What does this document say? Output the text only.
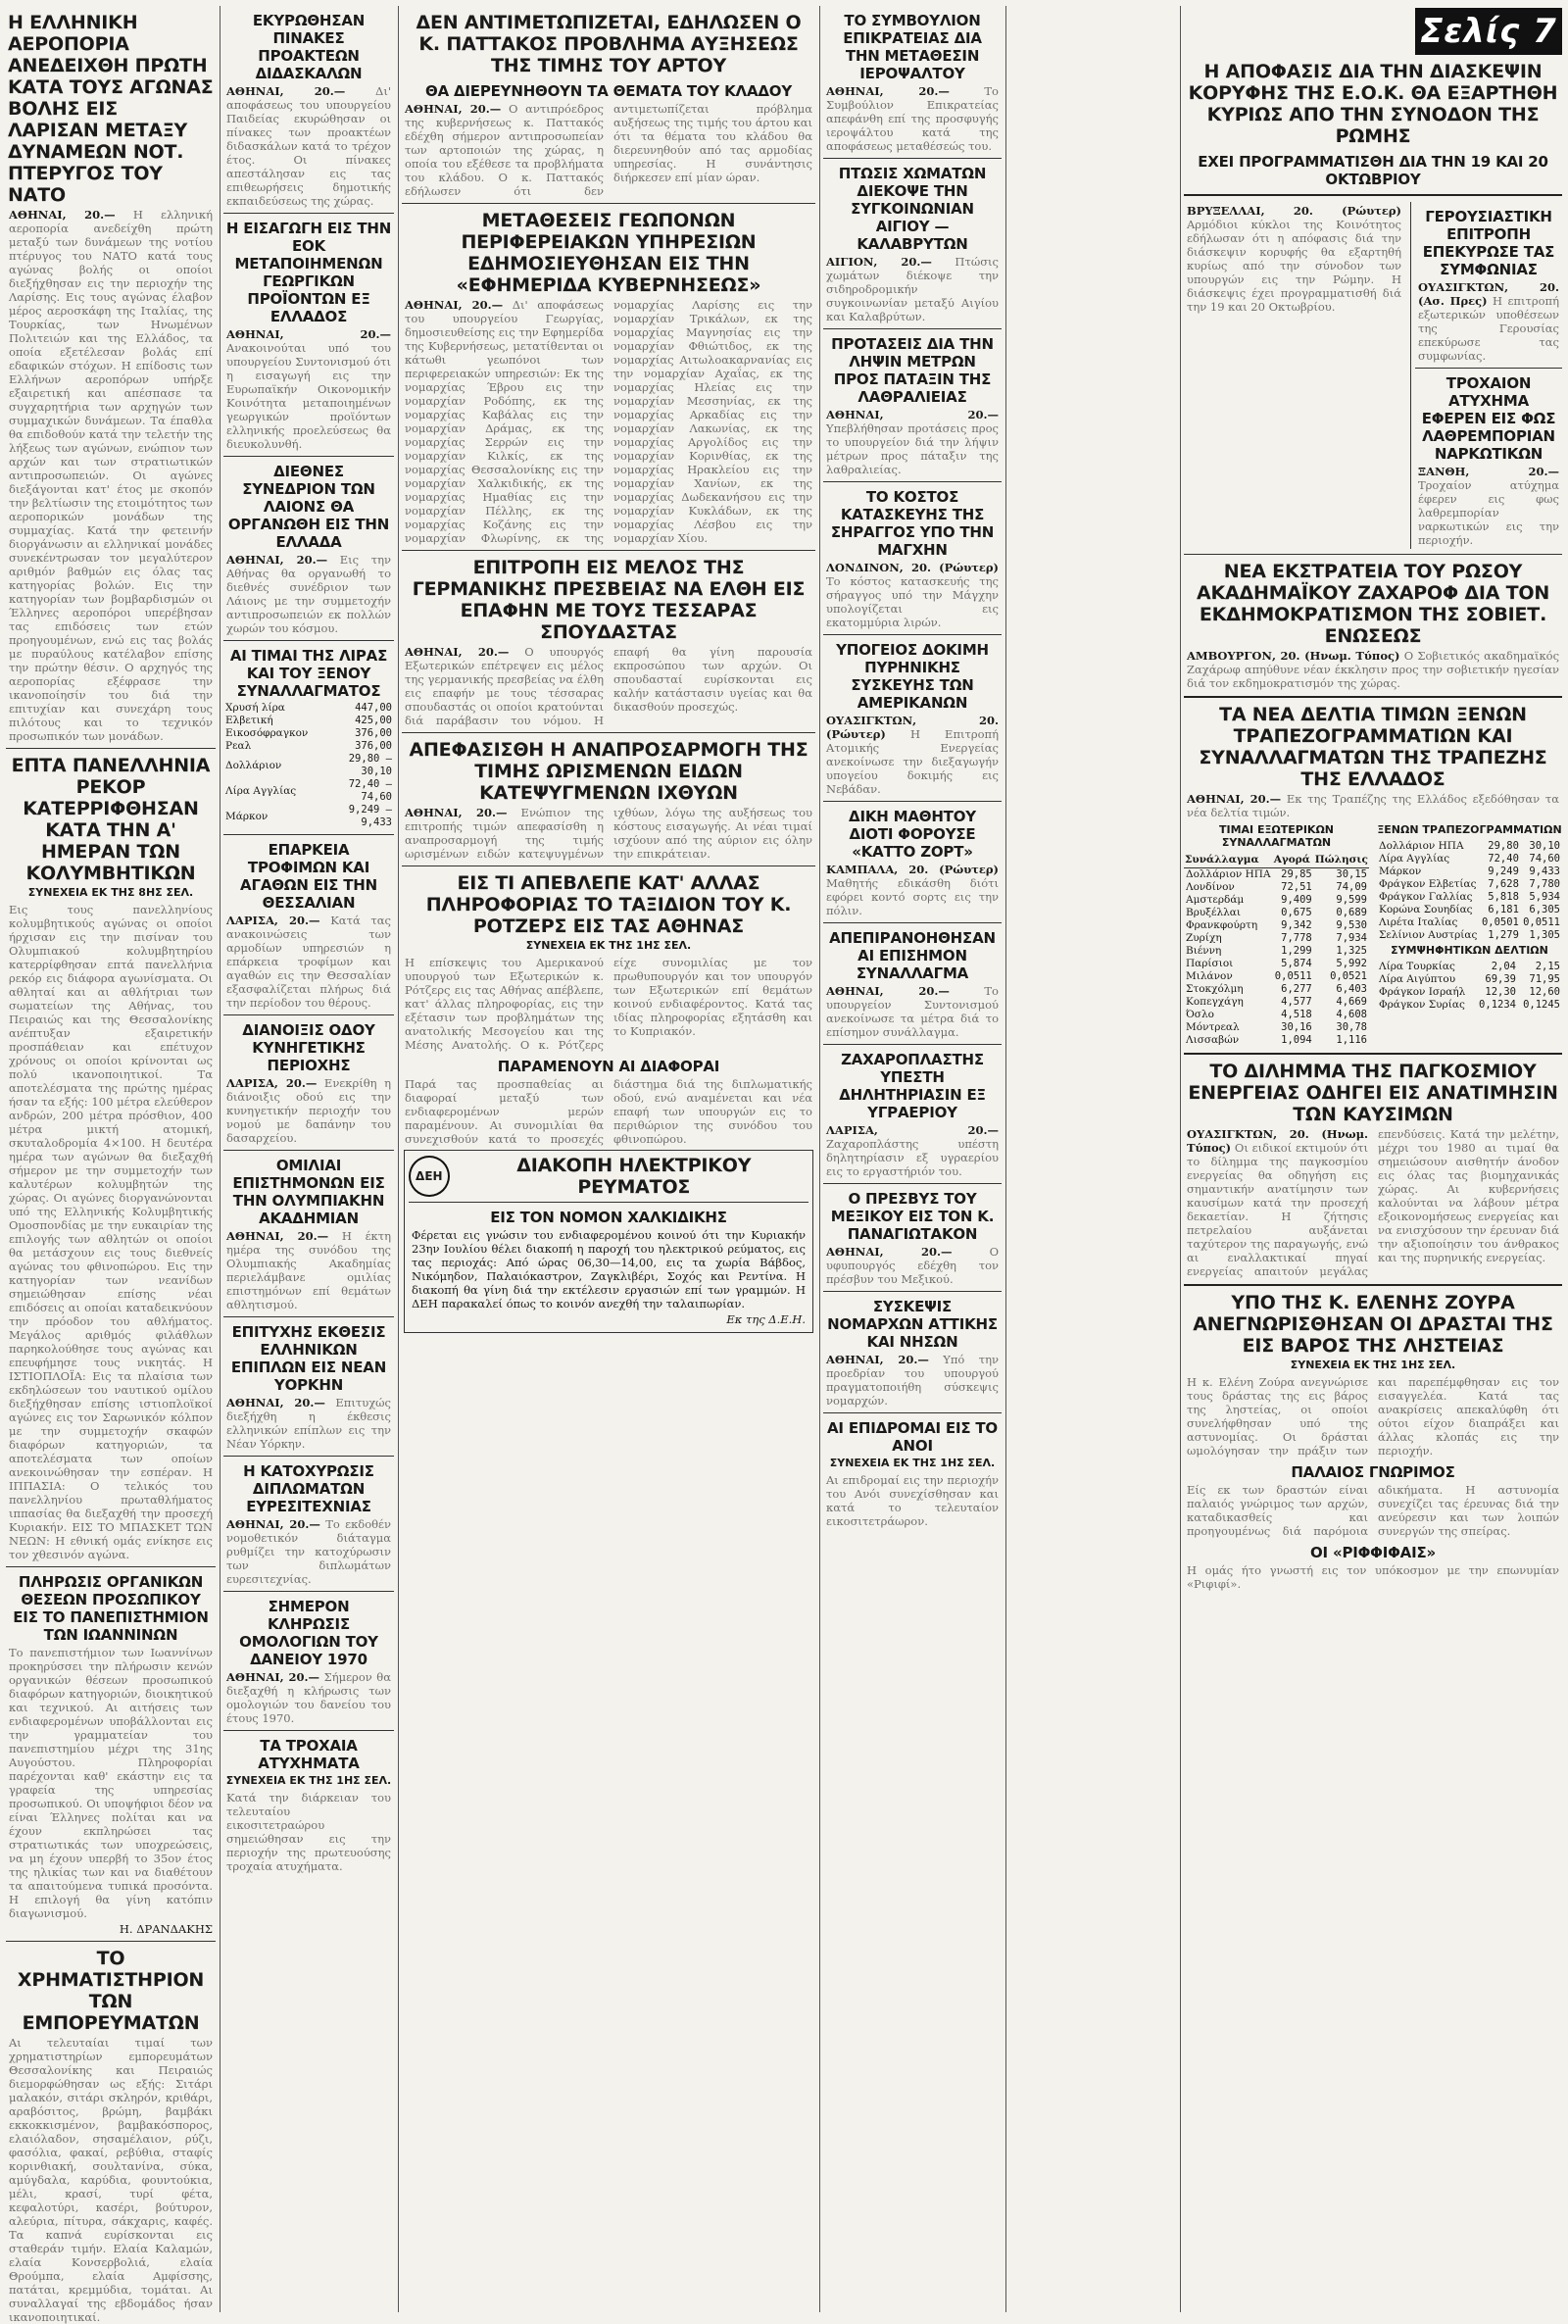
Η ΕΛΛΗΝΙΚΗ ΑΕΡΟΠΟΡΙΑ ΑΝΕΔΕΙΧΘΗ ΠΡΩΤΗ ΚΑΤΑ ΤΟΥΣ ΑΓΩΝΑΣ ΒΟΛΗΣ ΕΙΣ ΛΑΡΙΣΑΝ ΜΕΤΑΞΥ ΔΥΝΑΜΕΩΝ ΝΟΤ. ΠΤΕΡΥΓΟΣ ΤΟΥ ΝΑΤΟ
ΑΘΗΝΑΙ, 20.— Η ελληνική αεροπορία ανεδείχθη πρώτη μεταξύ των δυνάμεων της νοτίου πτέρυγος του ΝΑΤΟ κατά τους αγώνας βολής οι οποίοι διεξήχθησαν εις την περιοχήν της Λαρίσης. Εις τους αγώνας έλαβον μέρος αεροσκάφη της Ιταλίας, της Τουρκίας, των Ηνωμένων Πολιτειών και της Ελλάδος, τα οποία εξετέλεσαν βολάς επί εδαφικών στόχων. Η επίδοσις των Ελλήνων αεροπόρων υπήρξε εξαιρετική και απέσπασε τα συγχαρητήρια των αρχηγών των συμμαχικών δυνάμεων. Τα έπαθλα θα επιδοθούν κατά την τελετήν της λήξεως των αγώνων, ενώπιον των αρχών και των στρατιωτικών αντιπροσωπειών. Οι αγώνες διεξάγονται κατ' έτος με σκοπόν την βελτίωσιν της ετοιμότητος των αεροπορικών μονάδων της συμμαχίας. Κατά την φετεινήν διοργάνωσιν αι ελληνικαί μονάδες συνεκέντρωσαν τον μεγαλύτερον αριθμόν βαθμών εις όλας τας κατηγορίας βολών. Εις την κατηγορίαν των βομβαρδισμών οι Έλληνες αεροπόροι υπερέβησαν τας επιδόσεις των ετών προηγουμένων, ενώ εις τας βολάς με πυραύλους κατέλαβον επίσης την πρώτην θέσιν. Ο αρχηγός της αεροπορίας εξέφρασε την ικανοποίησίν του διά την επιτυχίαν και συνεχάρη τους πιλότους και το τεχνικόν προσωπικόν των μονάδων.
ΕΠΤΑ ΠΑΝΕΛΛΗΝΙΑ ΡΕΚΟΡ ΚΑΤΕΡΡΙΦΘΗΣΑΝ ΚΑΤΑ ΤΗΝ Α' ΗΜΕΡΑΝ ΤΩΝ ΚΟΛΥΜΒΗΤΙΚΩΝ
ΣΥΝΕΧΕΙΑ ΕΚ ΤΗΣ 8ΗΣ ΣΕΛ.
Εις τους πανελληνίους κολυμβητικούς αγώνας οι οποίοι ήρχισαν εις την πισίναν του Ολυμπιακού κολυμβητηρίου κατερρίφθησαν επτά πανελλήνια ρεκόρ εις διάφορα αγωνίσματα. Οι αθληταί και αι αθλήτριαι των σωματείων της Αθήνας, του Πειραιώς και της Θεσσαλονίκης ανέπτυξαν εξαιρετικήν προσπάθειαν και επέτυχον χρόνους οι οποίοι κρίνονται ως πολύ ικανοποιητικοί. Τα αποτελέσματα της πρώτης ημέρας ήσαν τα εξής: 100 μέτρα ελεύθερον ανδρών, 200 μέτρα πρόσθιον, 400 μέτρα μικτή ατομική, σκυταλοδρομία 4×100. Η δευτέρα ημέρα των αγώνων θα διεξαχθή σήμερον με την συμμετοχήν των καλυτέρων κολυμβητών της χώρας. Οι αγώνες διοργανώνονται υπό της Ελληνικής Κολυμβητικής Ομοσπονδίας με την ευκαιρίαν της επιλογής των αθλητών οι οποίοι θα μετάσχουν εις τους διεθνείς αγώνας του φθινοπώρου. Εις την κατηγορίαν των νεανίδων σημειώθησαν επίσης νέαι επιδόσεις αι οποίαι καταδεικνύουν την πρόοδον του αθλήματος. Μεγάλος αριθμός φιλάθλων παρηκολούθησε τους αγώνας και επευφήμησε τους νικητάς. Η ΙΣΤΙΟΠΛΟΪΑ: Εις τα πλαίσια των εκδηλώσεων του ναυτικού ομίλου διεξήχθησαν επίσης ιστιοπλοϊκοί αγώνες εις τον Σαρωνικόν κόλπον με την συμμετοχήν σκαφών διαφόρων κατηγοριών, τα αποτελέσματα των οποίων ανεκοινώθησαν την εσπέραν. Η ΙΠΠΑΣΙΑ: Ο τελικός του πανελληνίου πρωταθλήματος ιππασίας θα διεξαχθή την προσεχή Κυριακήν. ΕΙΣ ΤΟ ΜΠΑΣΚΕΤ ΤΩΝ ΝΕΩΝ: Η εθνική ομάς ενίκησε εις τον χθεσινόν αγώνα.
ΠΛΗΡΩΣΙΣ ΟΡΓΑΝΙΚΩΝ ΘΕΣΕΩΝ ΠΡΟΣΩΠΙΚΟΥ ΕΙΣ ΤΟ ΠΑΝΕΠΙΣΤΗΜΙΟΝ ΤΩΝ ΙΩΑΝΝΙΝΩΝ
Το πανεπιστήμιον των Ιωαννίνων προκηρύσσει την πλήρωσιν κενών οργανικών θέσεων προσωπικού διαφόρων κατηγοριών, διοικητικού και τεχνικού. Αι αιτήσεις των ενδιαφερομένων υποβάλλονται εις την γραμματείαν του πανεπιστημίου μέχρι της 31ης Αυγούστου. Πληροφορίαι παρέχονται καθ' εκάστην εις τα γραφεία της υπηρεσίας προσωπικού. Οι υποψήφιοι δέον να είναι Έλληνες πολίται και να έχουν εκπληρώσει τας στρατιωτικάς των υποχρεώσεις, να μη έχουν υπερβή το 35ον έτος της ηλικίας των και να διαθέτουν τα απαιτούμενα τυπικά προσόντα. Η επιλογή θα γίνη κατόπιν διαγωνισμού.
Η. ΔΡΑΝΔΑΚΗΣ
ΤΟ ΧΡΗΜΑΤΙΣΤΗΡΙΟΝ ΤΩΝ ΕΜΠΟΡΕΥΜΑΤΩΝ
Αι τελευταίαι τιμαί των χρηματιστηρίων εμπορευμάτων Θεσσαλονίκης και Πειραιώς διεμορφώθησαν ως εξής: Σιτάρι μαλακόν, σιτάρι σκληρόν, κριθάρι, αραβόσιτος, βρώμη, βαμβάκι εκκοκκισμένον, βαμβακόσπορος, ελαιόλαδον, σησαμέλαιον, ρύζι, φασόλια, φακαί, ρεβύθια, σταφίς κορινθιακή, σουλτανίνα, σύκα, αμύγδαλα, καρύδια, φουντούκια, μέλι, κρασί, τυρί φέτα, κεφαλοτύρι, κασέρι, βούτυρον, αλεύρια, πίτυρα, σάκχαρις, καφές. Τα καπνά ευρίσκονται εις σταθεράν τιμήν. Ελαία Καλαμών, ελαία Κονσερβολιά, ελαία Θρούμπα, ελαία Αμφίσσης, πατάται, κρεμμύδια, τομάται. Αι συναλλαγαί της εβδομάδος ήσαν ικανοποιητικαί.
ΕΚΥΡΩΘΗΣΑΝ ΠΙΝΑΚΕΣ ΠΡΟΑΚΤΕΩΝ ΔΙΔΑΣΚΑΛΩΝ
ΑΘΗΝΑΙ, 20.—	Δι' αποφάσεως του υπουργείου Παιδείας εκυρώθησαν οι πίνακες των προακτέων διδασκάλων κατά το τρέχον έτος. Οι πίνακες απεστάλησαν εις τας επιθεωρήσεις δημοτικής εκπαιδεύσεως της χώρας.
Η ΕΙΣΑΓΩΓΗ ΕΙΣ ΤΗΝ ΕΟΚ ΜΕΤΑΠΟΙΗΜΕΝΩΝ ΓΕΩΡΓΙΚΩΝ ΠΡΟΪΟΝΤΩΝ ΕΞ ΕΛΛΑΔΟΣ
ΑΘΗΝΑΙ, 20.— Ανακοινούται υπό του υπουργείου Συντονισμού ότι η εισαγωγή εις την Ευρωπαϊκήν Οικονομικήν Κοινότητα μεταποιημένων γεωργικών προϊόντων ελληνικής προελεύσεως θα διευκολυνθή.
ΔΙΕΘΝΕΣ ΣΥΝΕΔΡΙΟΝ ΤΩΝ ΛΑΙΟΝΣ ΘΑ ΟΡΓΑΝΩΘΗ ΕΙΣ ΤΗΝ ΕΛΛΑΔΑ
ΑΘΗΝΑΙ, 20.— Εις την Αθήνας θα οργανωθή το διεθνές συνέδριον των Λάιονς με την συμμετοχήν αντιπροσωπειών εκ πολλών χωρών του κόσμου.
ΑΙ ΤΙΜΑΙ ΤΗΣ ΛΙΡΑΣ ΚΑΙ ΤΟΥ ΞΕΝΟΥ ΣΥΝΑΛΛΑΓΜΑΤΟΣ
Χρυσή λίρα	447,00
Ελβετική	425,00
Εικοσόφραγκον	376,00
Ρεαλ	376,00
Δολλάριον	29,80 — 30,10
Λίρα Αγγλίας	72,40 — 74,60
Μάρκον	9,249 — 9,433
ΕΠΑΡΚΕΙΑ ΤΡΟΦΙΜΩΝ ΚΑΙ ΑΓΑΘΩΝ ΕΙΣ ΤΗΝ ΘΕΣΣΑΛΙΑΝ
ΛΑΡΙΣΑ, 20.— Κατά τας ανακοινώσεις των αρμοδίων υπηρεσιών η επάρκεια τροφίμων και αγαθών εις την Θεσσαλίαν εξασφαλίζεται πλήρως διά την περίοδον του θέρους.
ΔΙΑΝΟΙΞΙΣ ΟΔΟΥ ΚΥΝΗΓΕΤΙΚΗΣ ΠΕΡΙΟΧΗΣ
ΛΑΡΙΣΑ, 20.— Ενεκρίθη η διάνοιξις οδού εις την κυνηγετικήν περιοχήν του νομού με δαπάνην του δασαρχείου.
ΟΜΙΛΙΑΙ ΕΠΙΣΤΗΜΟΝΩΝ ΕΙΣ ΤΗΝ ΟΛΥΜΠΙΑΚΗΝ ΑΚΑΔΗΜΙΑΝ
ΑΘΗΝΑΙ, 20.— Η έκτη ημέρα της συνόδου της Ολυμπιακής Ακαδημίας περιελάμβανε ομιλίας επιστημόνων επί θεμάτων αθλητισμού.
ΕΠΙΤΥΧΗΣ ΕΚΘΕΣΙΣ ΕΛΛΗΝΙΚΩΝ ΕΠΙΠΛΩΝ ΕΙΣ ΝΕΑΝ ΥΟΡΚΗΝ
ΑΘΗΝΑΙ, 20.— Επιτυχώς διεξήχθη η έκθεσις ελληνικών επίπλων εις την Νέαν Υόρκην.
Η ΚΑΤΟΧΥΡΩΣΙΣ ΔΙΠΛΩΜΑΤΩΝ ΕΥΡΕΣΙΤΕΧΝΙΑΣ
ΑΘΗΝΑΙ, 20.— Το εκδοθέν νομοθετικόν διάταγμα ρυθμίζει την κατοχύρωσιν των διπλωμάτων ευρεσιτεχνίας.
ΣΗΜΕΡΟΝ ΚΛΗΡΩΣΙΣ ΟΜΟΛΟΓΙΩΝ ΤΟΥ ΔΑΝΕΙΟΥ 1970
ΑΘΗΝΑΙ, 20.— Σήμερον θα διεξαχθή η κλήρωσις των ομολογιών του δανείου του έτους 1970.
ΤΑ ΤΡΟΧΑΙΑ ΑΤΥΧΗΜΑΤΑ
ΣΥΝΕΧΕΙΑ ΕΚ ΤΗΣ 1ΗΣ ΣΕΛ.
Κατά την διάρκειαν του τελευταίου εικοσιτετραώρου σημειώθησαν εις την περιοχήν της πρωτευούσης τροχαία ατυχήματα.
ΔΕΝ ΑΝΤΙΜΕΤΩΠΙΖΕΤΑΙ, ΕΔΗΛΩΣΕΝ Ο Κ. ΠΑΤΤΑΚΟΣ ΠΡΟΒΛΗΜΑ ΑΥΞΗΣΕΩΣ ΤΗΣ ΤΙΜΗΣ ΤΟΥ ΑΡΤΟΥ
ΘΑ ΔΙΕΡΕΥΝΗΘΟΥΝ ΤΑ ΘΕΜΑΤΑ ΤΟΥ ΚΛΑΔΟΥ
ΑΘΗΝΑΙ, 20.— Ο αντιπρόεδρος της κυβερνήσεως κ. Παττακός εδέχθη σήμερον αντιπροσωπείαν των αρτοποιών της χώρας, η οποία του εξέθεσε τα προβλήματα του κλάδου. Ο κ. Παττακός εδήλωσεν ότι δεν αντιμετωπίζεται πρόβλημα αυξήσεως της τιμής του άρτου και ότι τα θέματα του κλάδου θα διερευνηθούν από τας αρμοδίας υπηρεσίας. Η συνάντησις διήρκεσεν επί μίαν ώραν.
ΜΕΤΑΘΕΣΕΙΣ ΓΕΩΠΟΝΩΝ ΠΕΡΙΦΕΡΕΙΑΚΩΝ ΥΠΗΡΕΣΙΩΝ ΕΔΗΜΟΣΙΕΥΘΗΣΑΝ ΕΙΣ ΤΗΝ «ΕΦΗΜΕΡΙΔΑ ΚΥΒΕΡΝΗΣΕΩΣ»
ΑΘΗΝΑΙ, 20.— Δι' αποφάσεως του υπουργείου Γεωργίας, δημοσιευθείσης εις την Εφημερίδα της Κυβερνήσεως, μετατίθενται οι κάτωθι γεωπόνοι των περιφερειακών υπηρεσιών: Εκ της νομαρχίας Έβρου εις την νομαρχίαν Ροδόπης, εκ της νομαρχίας Καβάλας εις την νομαρχίαν Δράμας, εκ της νομαρχίας Σερρών εις την νομαρχίαν Κιλκίς, εκ της νομαρχίας Θεσσαλονίκης εις την νομαρχίαν Χαλκιδικής, εκ της νομαρχίας Ημαθίας εις την νομαρχίαν Πέλλης, εκ της νομαρχίας Κοζάνης εις την νομαρχίαν Φλωρίνης, εκ της νομαρχίας Λαρίσης εις την νομαρχίαν Τρικάλων, εκ της νομαρχίας Μαγνησίας εις την νομαρχίαν Φθιώτιδος, εκ της νομαρχίας Αιτωλοακαρνανίας εις την νομαρχίαν Αχαΐας, εκ της νομαρχίας Ηλείας εις την νομαρχίαν Μεσσηνίας, εκ της νομαρχίας Αρκαδίας εις την νομαρχίαν Λακωνίας, εκ της νομαρχίας Αργολίδος εις την νομαρχίαν Κορινθίας, εκ της νομαρχίας Ηρακλείου εις την νομαρχίαν Χανίων, εκ της νομαρχίας Δωδεκανήσου εις την νομαρχίαν Κυκλάδων, εκ της νομαρχίας Λέσβου εις την νομαρχίαν Χίου.
ΕΠΙΤΡΟΠΗ ΕΙΣ ΜΕΛΟΣ ΤΗΣ ΓΕΡΜΑΝΙΚΗΣ ΠΡΕΣΒΕΙΑΣ ΝΑ ΕΛΘΗ ΕΙΣ ΕΠΑΦΗΝ ΜΕ ΤΟΥΣ ΤΕΣΣΑΡΑΣ ΣΠΟΥΔΑΣΤΑΣ
ΑΘΗΝΑΙ, 20.— Ο υπουργός Εξωτερικών επέτρεψεν εις μέλος της γερμανικής πρεσβείας να έλθη εις επαφήν με τους τέσσαρας σπουδαστάς οι οποίοι κρατούνται διά παράβασιν του νόμου. Η επαφή θα γίνη παρουσία εκπροσώπου των αρχών. Οι σπουδασταί ευρίσκονται εις καλήν κατάστασιν υγείας και θα δικασθούν προσεχώς.
ΑΠΕΦΑΣΙΣΘΗ Η ΑΝΑΠΡΟΣΑΡΜΟΓΗ ΤΗΣ ΤΙΜΗΣ ΩΡΙΣΜΕΝΩΝ ΕΙΔΩΝ ΚΑΤΕΨΥΓΜΕΝΩΝ ΙΧΘΥΩΝ
ΑΘΗΝΑΙ, 20.— Ενώπιον της επιτροπής τιμών απεφασίσθη η αναπροσαρμογή της τιμής ωρισμένων ειδών κατεψυγμένων ιχθύων, λόγω της αυξήσεως του κόστους εισαγωγής. Αι νέαι τιμαί ισχύουν από της αύριον εις όλην την επικράτειαν.
ΕΙΣ ΤΙ ΑΠΕΒΛΕΠΕ ΚΑΤ' ΑΛΛΑΣ ΠΛΗΡΟΦΟΡΙΑΣ ΤΟ ΤΑΞΙΔΙΟΝ ΤΟΥ Κ. ΡΟΤΖΕΡΣ ΕΙΣ ΤΑΣ ΑΘΗΝΑΣ
ΣΥΝΕΧΕΙΑ ΕΚ ΤΗΣ 1ΗΣ ΣΕΛ.
Η επίσκεψις του Αμερικανού υπουργού των Εξωτερικών κ. Ρότζερς εις τας Αθήνας απέβλεπε, κατ' άλλας πληροφορίας, εις την εξέτασιν των προβλημάτων της ανατολικής Μεσογείου και της Μέσης Ανατολής. Ο κ. Ρότζερς είχε συνομιλίας με τον πρωθυπουργόν και τον υπουργόν των Εξωτερικών επί θεμάτων κοινού ενδιαφέροντος. Κατά τας ιδίας πληροφορίας εξητάσθη και το Κυπριακόν.
ΠΑΡΑΜΕΝΟΥΝ ΑΙ ΔΙΑΦΟΡΑΙ
Παρά τας προσπαθείας αι διαφοραί μεταξύ των ενδιαφερομένων μερών παραμένουν. Αι συνομιλίαι θα συνεχισθούν κατά το προσεχές διάστημα διά της διπλωματικής οδού, ενώ αναμένεται και νέα επαφή των υπουργών εις το περιθώριον της συνόδου του φθινοπώρου.
ΔΕΗ	ΔΙΑΚΟΠΗ ΗΛΕΚΤΡΙΚΟΥ ΡΕΥΜΑΤΟΣ
ΕΙΣ ΤΟΝ ΝΟΜΟΝ ΧΑΛΚΙΔΙΚΗΣ
Φέρεται εις γνώσιν του ενδιαφερομένου κοινού ότι την Κυριακήν 23ην Ιουλίου θέλει διακοπή η παροχή του ηλεκτρικού ρεύματος, εις τας περιοχάς: Από ώρας 06,30—14,00, εις τα χωρία Βάβδος, Νικόμηδον, Παλαιόκαστρον, Ζαγκλιβέρι, Σοχός και Ρεντίνα. Η διακοπή θα γίνη διά την εκτέλεσιν εργασιών επί των γραμμών. Η ΔΕΗ παρακαλεί όπως το κοινόν ανεχθή την ταλαιπωρίαν.
Εκ της Δ.Ε.Η.
ΤΟ ΣΥΜΒΟΥΛΙΟΝ ΕΠΙΚΡΑΤΕΙΑΣ ΔΙΑ ΤΗΝ ΜΕΤΑΘΕΣΙΝ ΙΕΡΟΨΑΛΤΟΥ
ΑΘΗΝΑΙ, 20.—	Το Συμβούλιον Επικρατείας απεφάνθη επί της προσφυγής ιεροψάλτου κατά της αποφάσεως μεταθέσεώς του.
ΠΤΩΣΙΣ ΧΩΜΑΤΩΝ ΔΙΕΚΟΨΕ ΤΗΝ ΣΥΓΚΟΙΝΩΝΙΑΝ ΑΙΓΙΟΥ — ΚΑΛΑΒΡΥΤΩΝ
ΑΙΓΙΟΝ, 20.— Πτώσις χωμάτων διέκοψε την σιδηροδρομικήν συγκοινωνίαν μεταξύ Αιγίου και Καλαβρύτων.
ΠΡΟΤΑΣΕΙΣ ΔΙΑ ΤΗΝ ΛΗΨΙΝ ΜΕΤΡΩΝ ΠΡΟΣ ΠΑΤΑΞΙΝ ΤΗΣ ΛΑΘΡΑΛΙΕΙΑΣ
ΑΘΗΝΑΙ, 20.— Υπεβλήθησαν προτάσεις προς το υπουργείον διά την λήψιν μέτρων προς πάταξιν της λαθραλιείας.
ΤΟ ΚΟΣΤΟΣ ΚΑΤΑΣΚΕΥΗΣ ΤΗΣ ΣΗΡΑΓΓΟΣ ΥΠΟ ΤΗΝ ΜΑΓΧΗΝ
ΛΟΝΔΙΝΟΝ, 20. (Ρώυτερ) Το κόστος κατασκευής της σήραγγος υπό την Μάγχην υπολογίζεται εις εκατομμύρια λιρών.
ΥΠΟΓΕΙΟΣ ΔΟΚΙΜΗ ΠΥΡΗΝΙΚΗΣ ΣΥΣΚΕΥΗΣ ΤΩΝ ΑΜΕΡΙΚΑΝΩΝ
ΟΥΑΣΙΓΚΤΩΝ, 20. (Ρώυτερ) Η Επιτροπή Ατομικής Ενεργείας ανεκοίνωσε την διεξαγωγήν υπογείου δοκιμής εις Νεβάδαν.
ΔΙΚΗ ΜΑΘΗΤΟΥ ΔΙΟΤΙ ΦΟΡΟΥΣΕ «ΚΑΤΤΟ ΖΟΡΤ»
ΚΑΜΠΑΛΑ, 20. (Ρώυτερ) Μαθητής εδικάσθη διότι εφόρει κοντό σορτς εις την πόλιν.
ΑΠΕΠΙΡΑΝΟΗΘΗΣΑΝ ΑΙ ΕΠΙΣΗΜΟΝ ΣΥΝΑΛΛΑΓΜΑ
ΑΘΗΝΑΙ, 20.—	Το υπουργείον Συντονισμού ανεκοίνωσε τα μέτρα διά το επίσημον συνάλλαγμα.
ΖΑΧΑΡΟΠΛΑΣΤΗΣ ΥΠΕΣΤΗ ΔΗΛΗΤΗΡΙΑΣΙΝ ΕΞ ΥΓΡΑΕΡΙΟΥ
ΛΑΡΙΣΑ, 20.— Ζαχαροπλάστης υπέστη δηλητηρίασιν εξ υγραερίου εις το εργαστήριόν του.
Ο ΠΡΕΣΒΥΣ ΤΟΥ ΜΕΞΙΚΟΥ ΕΙΣ ΤΟΝ Κ. ΠΑΝΑΓΙΩΤΑΚΟΝ
ΑΘΗΝΑΙ, 20.—	Ο υφυπουργός εδέχθη τον πρέσβυν του Μεξικού.
ΣΥΣΚΕΨΙΣ ΝΟΜΑΡΧΩΝ ΑΤΤΙΚΗΣ ΚΑΙ ΝΗΣΩΝ
ΑΘΗΝΑΙ, 20.— Υπό την προεδρίαν του υπουργού πραγματοποιήθη σύσκεψις νομαρχών.
ΑΙ ΕΠΙΔΡΟΜΑΙ ΕΙΣ ΤΟ ΑΝΟΙ
ΣΥΝΕΧΕΙΑ ΕΚ ΤΗΣ 1ΗΣ ΣΕΛ.
Αι επιδρομαί εις την περιοχήν του Ανόι συνεχίσθησαν και κατά το τελευταίον εικοσιτετράωρον.
Σελίς 7
Η ΑΠΟΦΑΣΙΣ ΔΙΑ ΤΗΝ ΔΙΑΣΚΕΨΙΝ ΚΟΡΥΦΗΣ ΤΗΣ Ε.Ο.Κ. ΘΑ ΕΞΑΡΤΗΘΗ ΚΥΡΙΩΣ ΑΠΟ ΤΗΝ ΣΥΝΟΔΟΝ ΤΗΣ ΡΩΜΗΣ
ΕΧΕΙ ΠΡΟΓΡΑΜΜΑΤΙΣΘΗ ΔΙΑ ΤΗΝ 19 ΚΑΙ 20 ΟΚΤΩΒΡΙΟΥ
ΒΡΥΞΕΛΛΑΙ, 20. (Ρώυτερ) Αρμόδιοι κύκλοι της Κοινότητος εδήλωσαν ότι η απόφασις διά την διάσκεψιν κορυφής θα εξαρτηθή κυρίως από την σύνοδον των υπουργών εις την Ρώμην. Η διάσκεψις έχει προγραμματισθή διά την 19 και 20 Οκτωβρίου.
ΓΕΡΟΥΣΙΑΣΤΙΚΗ ΕΠΙΤΡΟΠΗ ΕΠΕΚΥΡΩΣΕ ΤΑΣ ΣΥΜΦΩΝΙΑΣ
ΟΥΑΣΙΓΚΤΩΝ, 20. (Ασ. Πρες) Η επιτροπή εξωτερικών υποθέσεων της Γερουσίας επεκύρωσε τας συμφωνίας.
ΤΡΟΧΑΙΟΝ ΑΤΥΧΗΜΑ ΕΦΕΡΕΝ ΕΙΣ ΦΩΣ ΛΑΘΡΕΜΠΟΡΙΑΝ ΝΑΡΚΩΤΙΚΩΝ
ΞΑΝΘΗ, 20.— Τροχαίον ατύχημα έφερεν εις φως λαθρεμπορίαν ναρκωτικών εις την περιοχήν.
ΝΕΑ ΕΚΣΤΡΑΤΕΙΑ ΤΟΥ ΡΩΣΟΥ ΑΚΑΔΗΜΑΪΚΟΥ ΖΑΧΑΡΟΦ ΔΙΑ ΤΟΝ ΕΚΔΗΜΟΚΡΑΤΙΣΜΟΝ ΤΗΣ ΣΟΒΙΕΤ. ΕΝΩΣΕΩΣ
ΑΜΒΟΥΡΓΟΝ, 20. (Ηνωμ. Τύπος) Ο Σοβιετικός ακαδημαϊκός Ζαχάρωφ απηύθυνε νέαν έκκλησιν προς την σοβιετικήν ηγεσίαν διά τον εκδημοκρατισμόν της χώρας.
ΤΑ ΝΕΑ ΔΕΛΤΙΑ ΤΙΜΩΝ ΞΕΝΩΝ ΤΡΑΠΕΖΟΓΡΑΜΜΑΤΙΩΝ ΚΑΙ ΣΥΝΑΛΛΑΓΜΑΤΩΝ ΤΗΣ ΤΡΑΠΕΖΗΣ ΤΗΣ ΕΛΛΑΔΟΣ
ΑΘΗΝΑΙ, 20.— Εκ της Τραπέζης της Ελλάδος εξεδόθησαν τα νέα δελτία τιμών.
ΤΙΜΑΙ ΕΞΩΤΕΡΙΚΩΝ ΣΥΝΑΛΛΑΓΜΑΤΩΝ
Συνάλλαγμα	Αγορά	Πώλησις
Δολλάριον ΗΠΑ	29,85	30,15
Λονδίνον	72,51	74,09
Αμστερδάμ	9,409	9,599
Βρυξέλλαι	0,675	0,689
Φρανκφούρτη	9,342	9,530
Ζυρίχη	7,778	7,934
Βιέννη	1,299	1,325
Παρίσιοι	5,874	5,992
Μιλάνον	0,0511	0,0521
Στοκχόλμη	6,277	6,403
Κοπεγχάγη	4,577	4,669
Όσλο	4,518	4,608
Μόντρεαλ	30,16	30,78
Λισσαβών	1,094	1,116
ΞΕΝΩΝ ΤΡΑΠΕΖΟΓΡΑΜΜΑΤΙΩΝ
Δολλάριον ΗΠΑ	29,80	30,10
Λίρα Αγγλίας	72,40	74,60
Μάρκον	9,249	9,433
Φράγκον Ελβετίας	7,628	7,780
Φράγκον Γαλλίας	5,818	5,934
Κορώνα Σουηδίας	6,181	6,305
Λιρέτα Ιταλίας	0,0501	0,0511
Σελίνιον Αυστρίας	1,279	1,305
ΣΥΜΨΗΦΗΤΙΚΩΝ ΔΕΛΤΙΩΝ
Λίρα Τουρκίας	2,04	2,15
Λίρα Αιγύπτου	69,39	71,95
Φράγκον Ισραήλ	12,30	12,60
Φράγκον Συρίας	0,1234	0,1245
ΤΟ ΔΙΛΗΜΜΑ ΤΗΣ ΠΑΓΚΟΣΜΙΟΥ ΕΝΕΡΓΕΙΑΣ ΟΔΗΓΕΙ ΕΙΣ ΑΝΑΤΙΜΗΣΙΝ ΤΩΝ ΚΑΥΣΙΜΩΝ
ΟΥΑΣΙΓΚΤΩΝ, 20. (Ηνωμ. Τύπος) Οι ειδικοί εκτιμούν ότι το δίλημμα της παγκοσμίου ενεργείας θα οδηγήση εις σημαντικήν ανατίμησιν των καυσίμων κατά την προσεχή δεκαετίαν. Η ζήτησις πετρελαίου αυξάνεται ταχύτερον της παραγωγής, ενώ αι εναλλακτικαί πηγαί ενεργείας απαιτούν μεγάλας επενδύσεις. Κατά την μελέτην, μέχρι του 1980 αι τιμαί θα σημειώσουν αισθητήν άνοδον εις όλας τας βιομηχανικάς χώρας. Αι κυβερνήσεις καλούνται να λάβουν μέτρα εξοικονομήσεως ενεργείας και να ενισχύσουν την έρευναν διά την αξιοποίησιν του άνθρακος και της πυρηνικής ενεργείας.
ΥΠΟ ΤΗΣ Κ. ΕΛΕΝΗΣ ΖΟΥΡΑ ΑΝΕΓΝΩΡΙΣΘΗΣΑΝ ΟΙ ΔΡΑΣΤΑΙ ΤΗΣ ΕΙΣ ΒΑΡΟΣ ΤΗΣ ΛΗΣΤΕΙΑΣ
ΣΥΝΕΧΕΙΑ ΕΚ ΤΗΣ 1ΗΣ ΣΕΛ.
Η κ. Ελένη Ζούρα ανεγνώρισε τους δράστας της εις βάρος της ληστείας, οι οποίοι συνελήφθησαν υπό της αστυνομίας. Οι δράσται ωμολόγησαν την πράξιν των και παρεπέμφθησαν εις τον εισαγγελέα. Κατά τας ανακρίσεις απεκαλύφθη ότι ούτοι είχον διαπράξει και άλλας κλοπάς εις την περιοχήν.
ΠΑΛΑΙΟΣ ΓΝΩΡΙΜΟΣ
Είς εκ των δραστών είναι παλαιός γνώριμος των αρχών, καταδικασθείς και προηγουμένως διά παρόμοια αδικήματα. Η αστυνομία συνεχίζει τας έρευνας διά την ανεύρεσιν και των λοιπών συνεργών της σπείρας.
ΟΙ «ΡΙΦΦΙΦΑΙΣ»
Η ομάς ήτο γνωστή εις τον υπόκοσμον με την επωνυμίαν «Ριφιφί».
